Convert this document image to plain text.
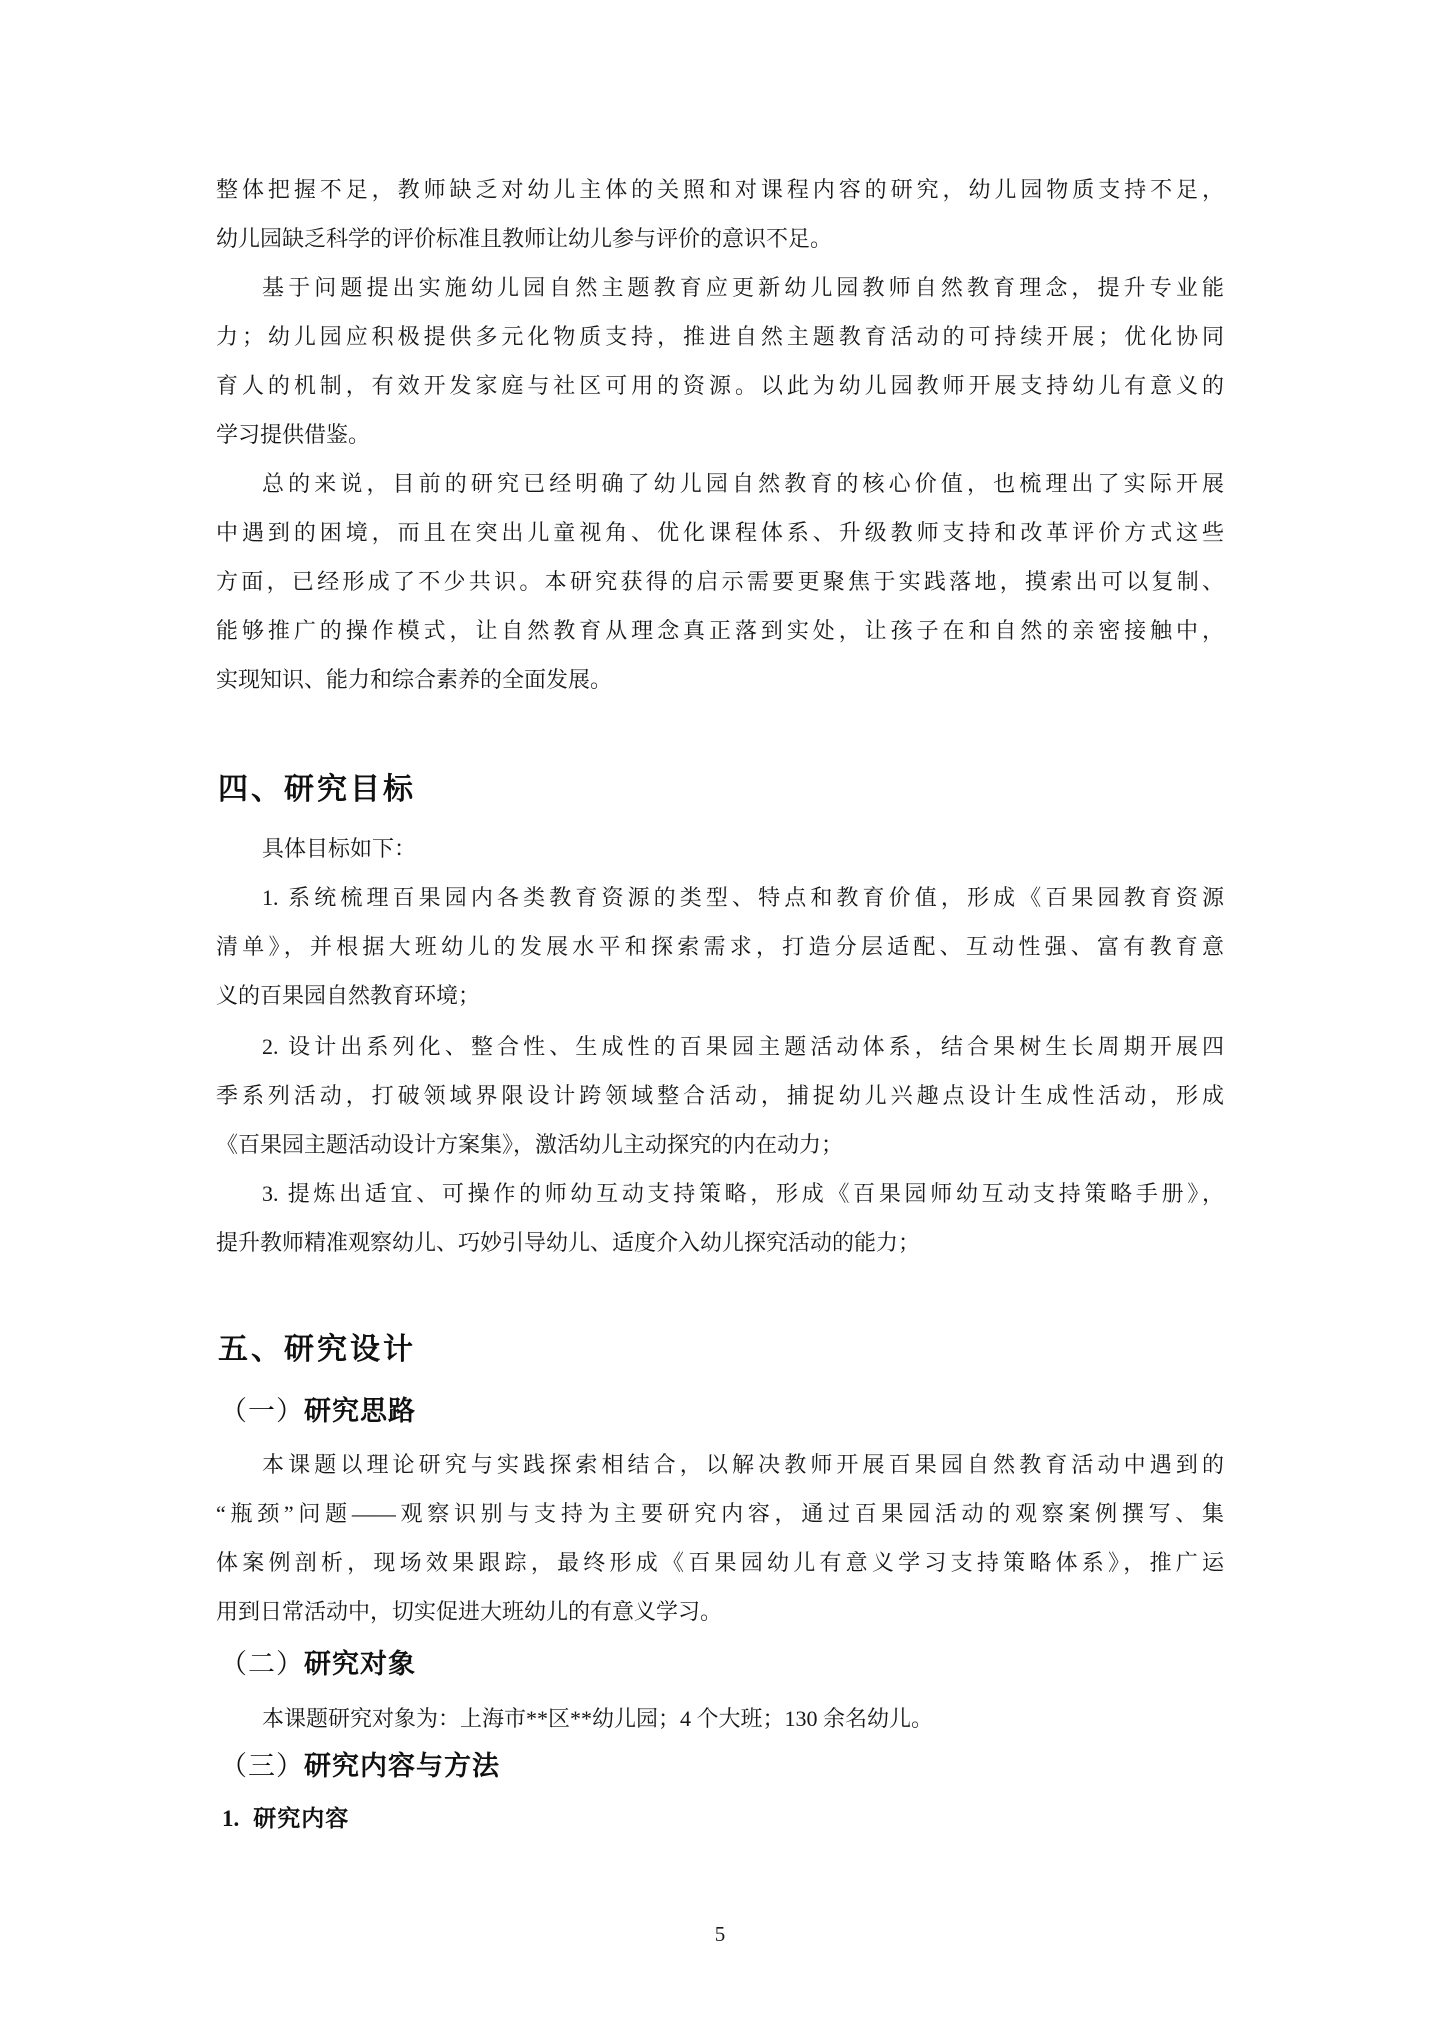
整体把握不足，教师缺乏对幼儿主体的关照和对课程内容的研究，幼儿园物质支持不足，
幼儿园缺乏科学的评价标准且教师让幼儿参与评价的意识不足。
基于问题提出实施幼儿园自然主题教育应更新幼儿园教师自然教育理念，提升专业能
力；幼儿园应积极提供多元化物质支持，推进自然主题教育活动的可持续开展；优化协同
育人的机制，有效开发家庭与社区可用的资源。以此为幼儿园教师开展支持幼儿有意义的
学习提供借鉴。
总的来说，目前的研究已经明确了幼儿园自然教育的核心价值，也梳理出了实际开展
中遇到的困境，而且在突出儿童视角、优化课程体系、升级教师支持和改革评价方式这些
方面，已经形成了不少共识。本研究获得的启示需要更聚焦于实践落地，摸索出可以复制、
能够推广的操作模式，让自然教育从理念真正落到实处，让孩子在和自然的亲密接触中，
实现知识、能力和综合素养的全面发展。
四、研究目标
具体目标如下：
1. 系统梳理百果园内各类教育资源的类型、特点和教育价值，形成《百果园教育资源
清单》，并根据大班幼儿的发展水平和探索需求，打造分层适配、互动性强、富有教育意
义的百果园自然教育环境；
2. 设计出系列化、整合性、生成性的百果园主题活动体系，结合果树生长周期开展四
季系列活动，打破领域界限设计跨领域整合活动，捕捉幼儿兴趣点设计生成性活动，形成
《百果园主题活动设计方案集》，激活幼儿主动探究的内在动力；
3. 提炼出适宜、可操作的师幼互动支持策略，形成《百果园师幼互动支持策略手册》，
提升教师精准观察幼儿、巧妙引导幼儿、适度介入幼儿探究活动的能力；
五、研究设计
（一）研究思路
本课题以理论研究与实践探索相结合，以解决教师开展百果园自然教育活动中遇到的
“瓶颈”问题——观察识别与支持为主要研究内容，通过百果园活动的观察案例撰写、集
体案例剖析，现场效果跟踪，最终形成《百果园幼儿有意义学习支持策略体系》，推广运
用到日常活动中，切实促进大班幼儿的有意义学习。
（二）研究对象
本课题研究对象为：上海市**区**幼儿园；4 个大班；130 余名幼儿。
（三）研究内容与方法
1. 研究内容
5
